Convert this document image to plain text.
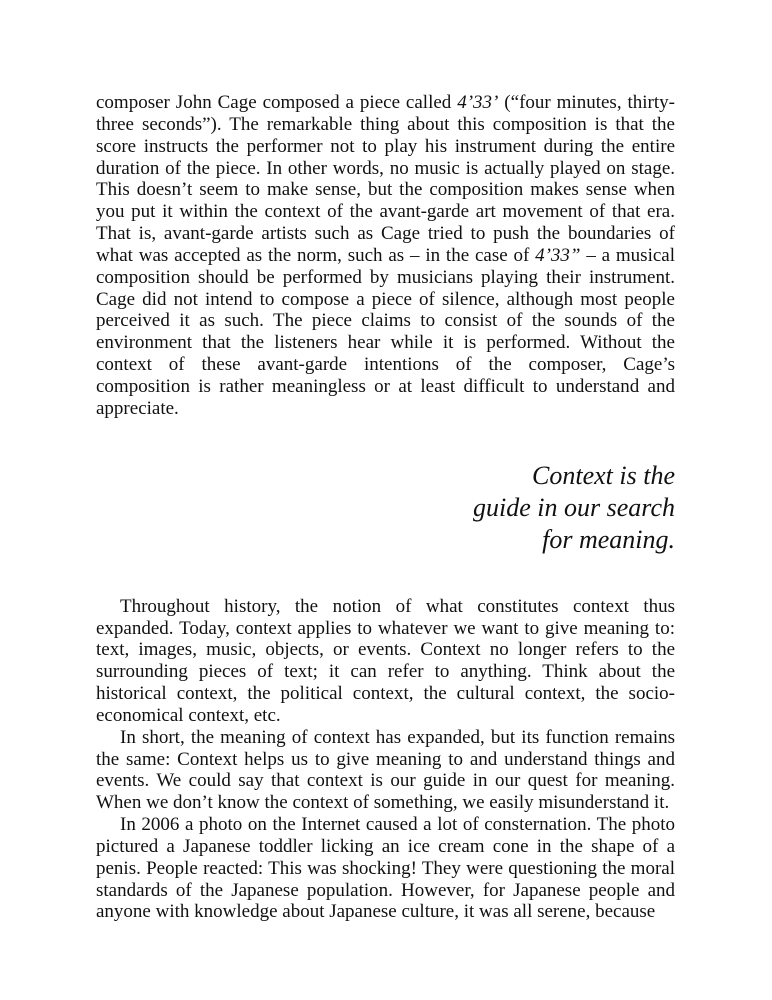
composer John Cage composed a piece called 4’33’ (“four minutes, thirty-three seconds”). The remarkable thing about this composition is that the score instructs the performer not to play his instrument during the entire duration of the piece. In other words, no music is actually played on stage. This doesn’t seem to make sense, but the composition makes sense when you put it within the context of the avant-garde art movement of that era. That is, avant-garde artists such as Cage tried to push the boundaries of what was accepted as the norm, such as – in the case of 4’33” – a musical composition should be performed by musicians playing their instrument. Cage did not intend to compose a piece of silence, although most people perceived it as such. The piece claims to consist of the sounds of the environment that the listeners hear while it is performed. Without the context of these avant-garde intentions of the composer, Cage’s composition is rather meaningless or at least difficult to understand and appreciate.

Context is the
guide in our search
for meaning.

Throughout history, the notion of what constitutes context thus expanded. Today, context applies to whatever we want to give meaning to: text, images, music, objects, or events. Context no longer refers to the surrounding pieces of text; it can refer to anything. Think about the historical context, the political context, the cultural context, the socio-economical context, etc.

In short, the meaning of context has expanded, but its function remains the same: Context helps us to give meaning to and understand things and events. We could say that context is our guide in our quest for meaning. When we don’t know the context of something, we easily misunderstand it.

In 2006 a photo on the Internet caused a lot of consternation. The photo pictured a Japanese toddler licking an ice cream cone in the shape of a penis. People reacted: This was shocking! They were questioning the moral standards of the Japanese population. However, for Japanese people and anyone with knowledge about Japanese culture, it was all serene, because
